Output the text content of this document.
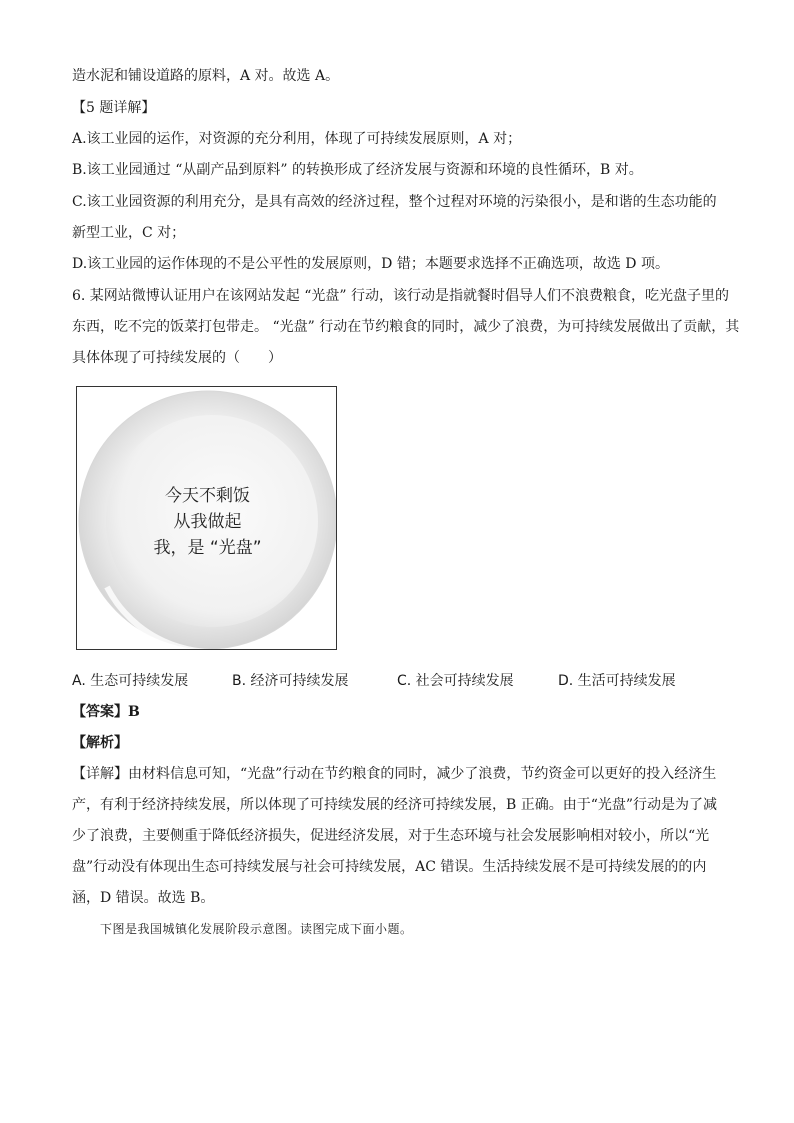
造水泥和铺设道路的原料，A 对。故选 A。
【5 题详解】
A.该工业园的运作，对资源的充分利用，体现了可持续发展原则，A 对；
B.该工业园通过 “从副产品到原料” 的转换形成了经济发展与资源和环境的良性循环，B 对。
C.该工业园资源的利用充分，是具有高效的经济过程，整个过程对环境的污染很小，是和谐的生态功能的
新型工业，C 对；
D.该工业园的运作体现的不是公平性的发展原则，D 错；本题要求选择不正确选项，故选 D 项。
6. 某网站微博认证用户在该网站发起 “光盘” 行动，该行动是指就餐时倡导人们不浪费粮食，吃光盘子里的
东西，吃不完的饭菜打包带走。 “光盘” 行动在节约粮食的同时，减少了浪费，为可持续发展做出了贡献，其
具体体现了可持续发展的（　　）
今天不剩饭
从我做起
我，是 “光盘”
A. 生态可持续发展	B. 经济可持续发展	C. 社会可持续发展	D. 生活可持续发展
【答案】B
【解析】
【详解】由材料信息可知，“光盘”行动在节约粮食的同时，减少了浪费，节约资金可以更好的投入经济生
产，有利于经济持续发展，所以体现了可持续发展的经济可持续发展，B 正确。由于“光盘”行动是为了减
少了浪费，主要侧重于降低经济损失，促进经济发展，对于生态环境与社会发展影响相对较小，所以“光
盘”行动没有体现出生态可持续发展与社会可持续发展，AC 错误。生活持续发展不是可持续发展的的内
涵，D 错误。故选 B。
下图是我国城镇化发展阶段示意图。读图完成下面小题。
